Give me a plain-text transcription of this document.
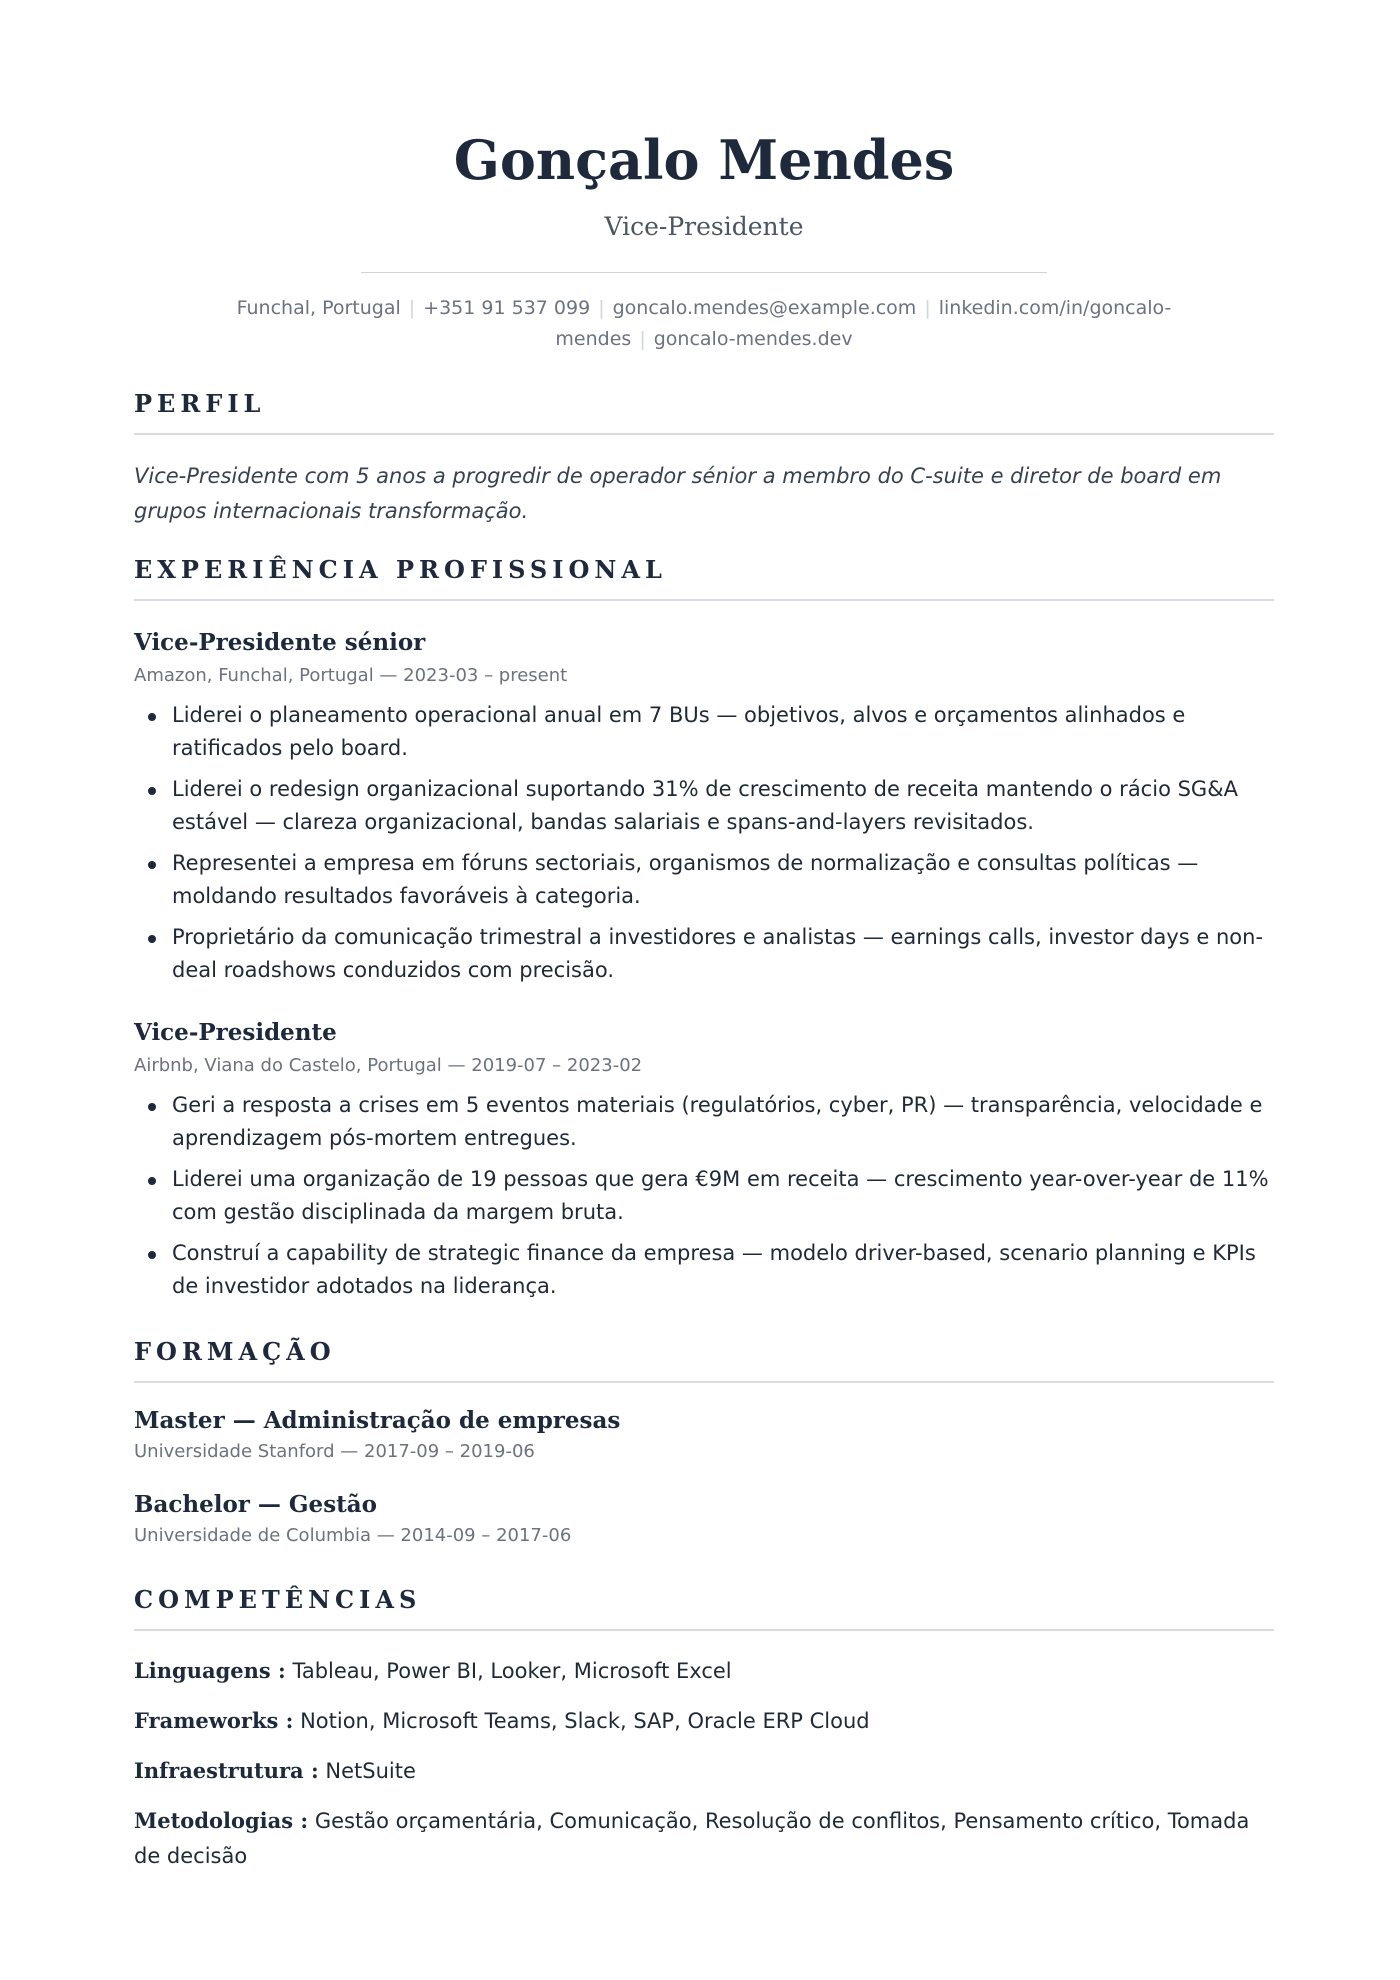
Gonçalo Mendes
Vice-Presidente
Funchal, Portugal | +351 91 537 099 | goncalo.mendes@example.com | linkedin.com/in/goncalo-mendes | goncalo-mendes.dev
PERFIL

Vice-Presidente com 5 anos a progredir de operador sénior a membro do C-suite e diretor de board em grupos internacionais transformação.

EXPERIÊNCIA PROFISSIONAL
Vice-Presidente sénior
Amazon, Funchal, Portugal — 2023-03 – present
Liderei o planeamento operacional anual em 7 BUs — objetivos, alvos e orçamentos alinhados e ratificados pelo board.
Liderei o redesign organizacional suportando 31% de crescimento de receita mantendo o rácio SG&A estável — clareza organizacional, bandas salariais e spans-and-layers revisitados.
Representei a empresa em fóruns sectoriais, organismos de normalização e consultas políticas — moldando resultados favoráveis à categoria.
Proprietário da comunicação trimestral a investidores e analistas — earnings calls, investor days e non-deal roadshows conduzidos com precisão.
Vice-Presidente
Airbnb, Viana do Castelo, Portugal — 2019-07 – 2023-02
Geri a resposta a crises em 5 eventos materiais (regulatórios, cyber, PR) — transparência, velocidade e aprendizagem pós-mortem entregues.
Liderei uma organização de 19 pessoas que gera €9M em receita — crescimento year-over-year de 11% com gestão disciplinada da margem bruta.
Construí a capability de strategic finance da empresa — modelo driver-based, scenario planning e KPIs de investidor adotados na liderança.
FORMAÇÃO
Master — Administração de empresas
Universidade Stanford — 2017-09 – 2019-06
Bachelor — Gestão
Universidade de Columbia — 2014-09 – 2017-06
COMPETÊNCIAS
Linguagens : Tableau, Power BI, Looker, Microsoft Excel
Frameworks : Notion, Microsoft Teams, Slack, SAP, Oracle ERP Cloud
Infraestrutura : NetSuite
Metodologias : Gestão orçamentária, Comunicação, Resolução de conflitos, Pensamento crítico, Tomada de decisão
